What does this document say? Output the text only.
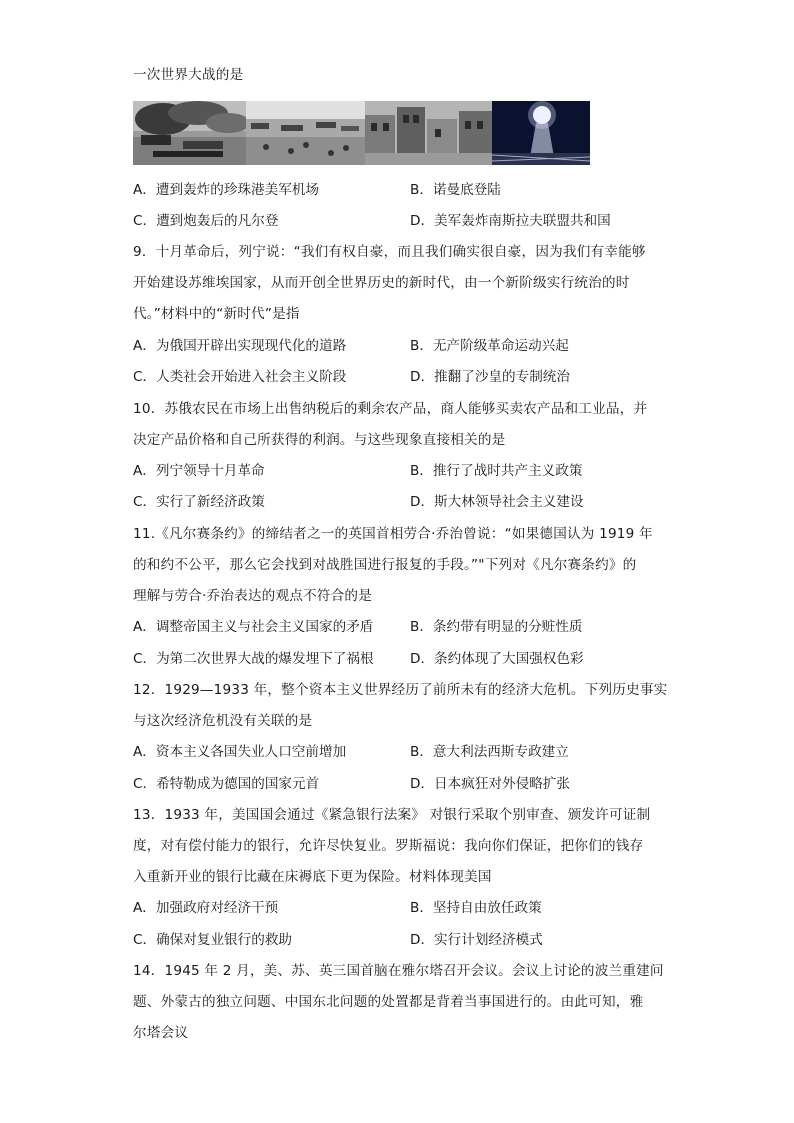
一次世界大战的是
A．遭到轰炸的珍珠港美军机场	B．诺曼底登陆
C．遭到炮轰后的凡尔登	D．美军轰炸南斯拉夫联盟共和国
9．十月革命后，列宁说：“我们有权自豪，而且我们确实很自豪，因为我们有幸能够
开始建设苏维埃国家，从而开创全世界历史的新时代，由一个新阶级实行统治的时
代。”材料中的“新时代”是指
A．为俄国开辟出实现现代化的道路	B．无产阶级革命运动兴起
C．人类社会开始进入社会主义阶段	D．推翻了沙皇的专制统治
10．苏俄农民在市场上出售纳税后的剩余农产品，商人能够买卖农产品和工业品，并
决定产品价格和自己所获得的利润。与这些现象直接相关的是
A．列宁领导十月革命	B．推行了战时共产主义政策
C．实行了新经济政策	D．斯大林领导社会主义建设
11.《凡尔赛条约》的缔结者之一的英国首相劳合·乔治曾说：“如果德国认为 1919 年
的和约不公平，那么它会找到对战胜国进行报复的手段。”"下列对《凡尔赛条约》的
理解与劳合·乔治表达的观点不符合的是
A．调整帝国主义与社会主义国家的矛盾	B．条约带有明显的分赃性质
C．为第二次世界大战的爆发埋下了祸根	D．条约体现了大国强权色彩
12．1929—1933 年，整个资本主义世界经历了前所未有的经济大危机。下列历史事实
与这次经济危机没有关联的是
A．资本主义各国失业人口空前增加	B．意大利法西斯专政建立
C．希特勒成为德国的国家元首	D．日本疯狂对外侵略扩张
13．1933 年，美国国会通过《紧急银行法案》 对银行采取个别审查、颁发许可证制
度，对有偿付能力的银行，允许尽快复业。罗斯福说：我向你们保证，把你们的钱存
入重新开业的银行比藏在床褥底下更为保险。材料体现美国
A．加强政府对经济干预	B．坚持自由放任政策
C．确保对复业银行的救助	D．实行计划经济模式
14．1945 年 2 月，美、苏、英三国首脑在雅尔塔召开会议。会议上讨论的波兰重建问
题、外蒙古的独立问题、中国东北问题的处置都是背着当事国进行的。由此可知，雅
尔塔会议
